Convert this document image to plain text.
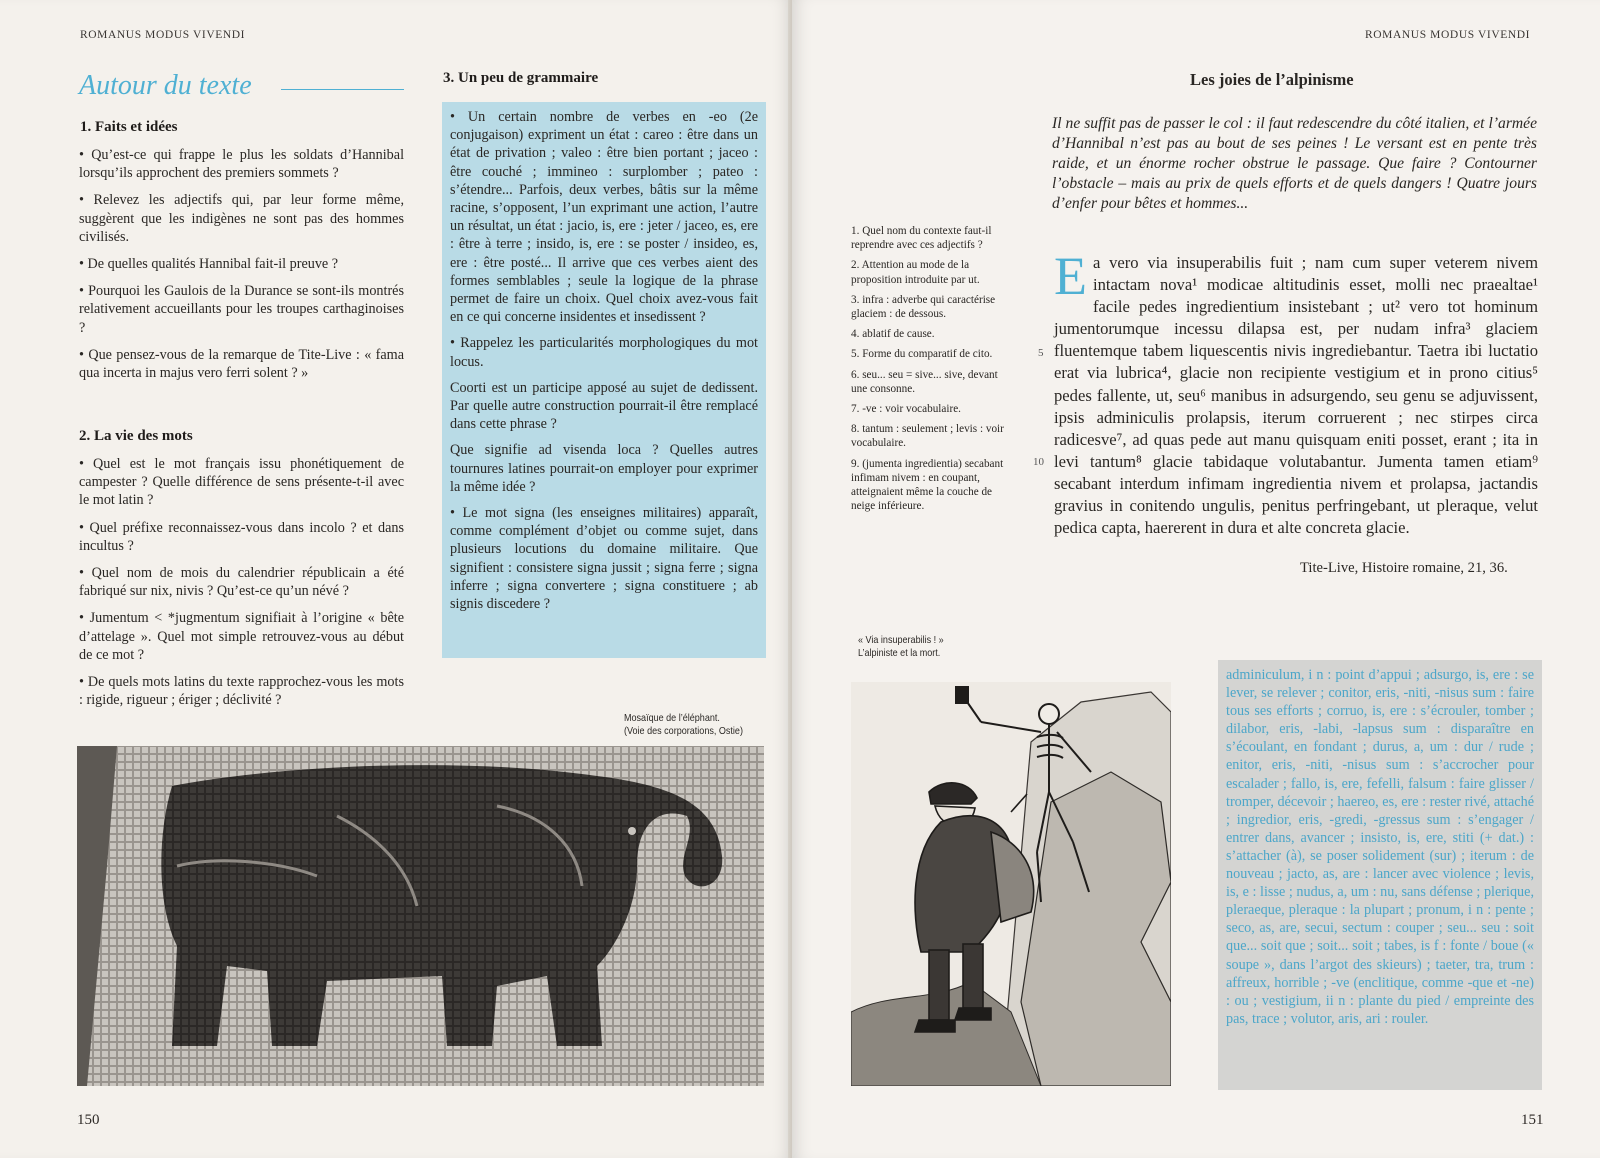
ROMANUS MODUS VIVENDI
Autour du texte
1. Faits et idées

• Qu’est-ce qui frappe le plus les soldats d’Hannibal lorsqu’ils approchent des premiers sommets ?

• Relevez les adjectifs qui, par leur forme même, suggèrent que les indigènes ne sont pas des hommes civilisés.

• De quelles qualités Hannibal fait-il preuve ?

• Pourquoi les Gaulois de la Durance se sont-ils montrés relativement accueillants pour les troupes carthaginoises ?

• Que pensez-vous de la remarque de Tite-Live : « fama qua incerta in majus vero ferri solent ? »

2. La vie des mots

• Quel est le mot français issu phonétiquement de campester ? Quelle différence de sens présente-t-il avec le mot latin ?

• Quel préfixe reconnaissez-vous dans incolo ? et dans incultus ?

• Quel nom de mois du calendrier républicain a été fabriqué sur nix, nivis ? Qu’est-ce qu’un névé ?

• Jumentum < *jugmentum signifiait à l’origine « bête d’attelage ». Quel mot simple retrouvez-vous au début de ce mot ?

• De quels mots latins du texte rapprochez-vous les mots : rigide, rigueur ; ériger ; déclivité ?

3. Un peu de grammaire

• Un certain nombre de verbes en -eo (2e conjugaison) expriment un état : careo : être dans un état de privation ; valeo : être bien portant ; jaceo : être couché ; immineo : surplomber ; pateo : s’étendre... Parfois, deux verbes, bâtis sur la même racine, s’opposent, l’un exprimant une action, l’autre un résultat, un état : jacio, is, ere : jeter / jaceo, es, ere : être à terre ; insido, is, ere : se poster / insideo, es, ere : être posté... Il arrive que ces verbes aient des formes semblables ; seule la logique de la phrase permet de faire un choix. Quel choix avez-vous fait en ce qui concerne insidentes et insedissent ?

• Rappelez les particularités morphologiques du mot locus.

Coorti est un participe apposé au sujet de dedissent. Par quelle autre construction pourrait-il être remplacé dans cette phrase ?

Que signifie ad visenda loca ? Quelles autres tournures latines pourrait-on employer pour exprimer la même idée ?

• Le mot signa (les enseignes militaires) apparaît, comme complément d’objet ou comme sujet, dans plusieurs locutions du domaine militaire. Que signifient : consistere signa jussit ; signa ferre ; signa inferre ; signa convertere ; signa constituere ; ab signis discedere ?

Mosaïque de l’éléphant.
(Voie des corporations, Ostie)
150
ROMANUS MODUS VIVENDI
Les joies de l’alpinisme
Il ne suffit pas de passer le col : il faut redescendre du côté italien, et l’armée d’Hannibal n’est pas au bout de ses peines ! Le versant est en pente très raide, et un énorme rocher obstrue le passage. Que faire ? Contourner l’obstacle – mais au prix de quels efforts et de quels dangers ! Quatre jours d’enfer pour bêtes et hommes...

1. Quel nom du contexte faut-il reprendre avec ces adjectifs ?

2. Attention au mode de la proposition introduite par ut.

3. infra : adverbe qui caractérise glaciem : de dessous.

4. ablatif de cause.

5. Forme du comparatif de cito.

6. seu... seu = sive... sive, devant une consonne.

7. -ve : voir vocabulaire.

8. tantum : seulement ; levis : voir vocabulaire.

9. (jumenta ingredientia) secabant infimam nivem : en coupant, atteignaient même la couche de neige inférieure.

5
10
E a vero via insuperabilis fuit ; nam cum super veterem nivem intactam nova¹ modicae altitudinis esset, molli nec praealtae¹ facile pedes ingredientium insistebant ; ut² vero tot hominum jumentorumque incessu dilapsa est, per nudam infra³ glaciem fluentemque tabem liquescentis nivis ingrediebantur. Taetra ibi luctatio erat via lubrica⁴, glacie non recipiente vestigium et in prono citius⁵ pedes fallente, ut, seu⁶ manibus in adsurgendo, seu genu se adjuvissent, ipsis adminiculis prolapsis, iterum corruerent ; nec stirpes circa radicesve⁷, ad quas pede aut manu quisquam eniti posset, erant ; ita in levi tantum⁸ glacie tabidaque volutabantur. Jumenta tamen etiam⁹ secabant interdum infimam ingredientia nivem et prolapsa, jactandis gravius in conitendo ungulis, penitus perfringebant, ut pleraque, velut pedica capta, haererent in dura et alte concreta glacie.
Tite-Live, Histoire romaine, 21, 36.
« Via insuperabilis ! »
L’alpiniste et la mort.
adminiculum, i n : point d’appui ; adsurgo, is, ere : se lever, se relever ; conitor, eris, -niti, -nisus sum : faire tous ses efforts ; corruo, is, ere : s’écrouler, tomber ; dilabor, eris, -labi, -lapsus sum : disparaître en s’écoulant, en fondant ; durus, a, um : dur / rude ; enitor, eris, -niti, -nisus sum : s’accrocher pour escalader ; fallo, is, ere, fefelli, falsum : faire glisser / tromper, décevoir ; haereo, es, ere : rester rivé, attaché ; ingredior, eris, -gredi, -gressus sum : s’engager / entrer dans, avancer ; insisto, is, ere, stiti (+ dat.) : s’attacher (à), se poser solidement (sur) ; iterum : de nouveau ; jacto, as, are : lancer avec violence ; levis, is, e : lisse ; nudus, a, um : nu, sans défense ; plerique, pleraeque, pleraque : la plupart ; pronum, i n : pente ; seco, as, are, secui, sectum : couper ; seu... seu : soit que... soit que ; soit... soit ; tabes, is f : fonte / boue (« soupe », dans l’argot des skieurs) ; taeter, tra, trum : affreux, horrible ; -ve (enclitique, comme -que et -ne) : ou ; vestigium, ii n : plante du pied / empreinte des pas, trace ; volutor, aris, ari : rouler.
151
